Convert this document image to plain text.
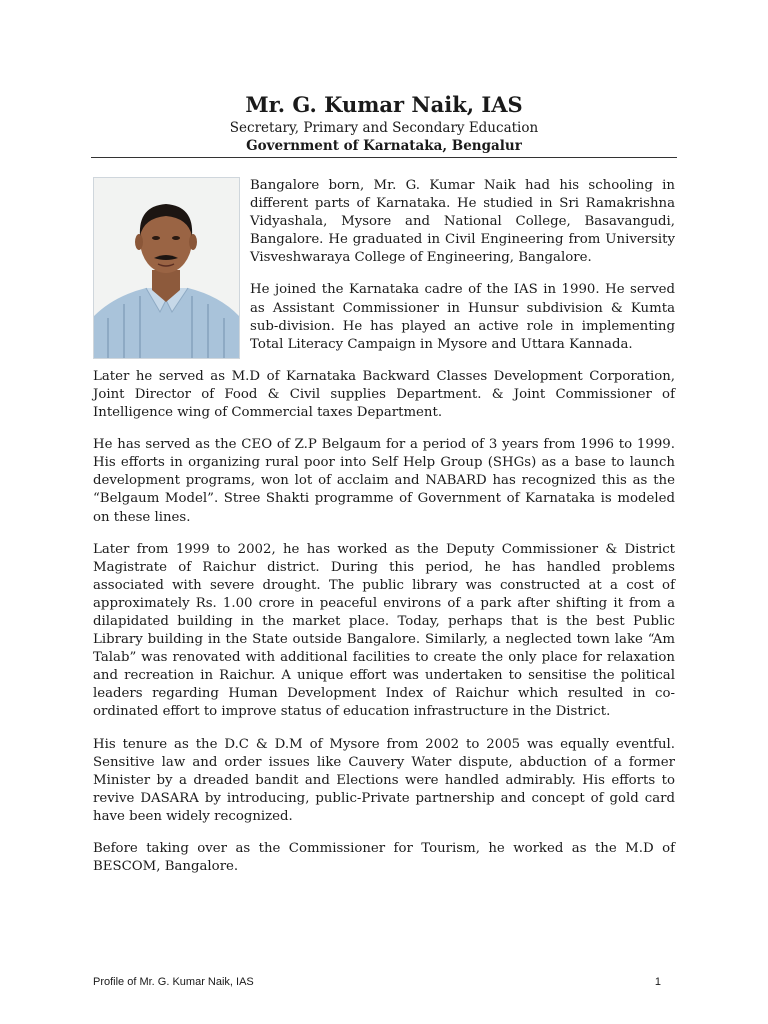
Mr. G. Kumar Naik, IAS
Secretary, Primary and Secondary Education
Government of Karnataka, Bengalur

Bangalore born, Mr. G. Kumar Naik had his schooling in different parts of Karnataka. He studied in Sri Ramakrishna Vidyashala, Mysore and National College, Basavangudi, Bangalore. He graduated in Civil Engineering from University Visveshwaraya College of Engineering, Bangalore.

He joined the Karnataka cadre of the IAS in 1990. He served as Assistant Commissioner in Hunsur subdivision & Kumta sub-division. He has played an active role in implementing Total Literacy Campaign in Mysore and Uttara Kannada.

Later he served as M.D of Karnataka Backward Classes Development Corporation, Joint Director of Food & Civil supplies Department. & Joint Commissioner of Intelligence wing of Commercial taxes Department.

He has served as the CEO of Z.P Belgaum for a period of 3 years from 1996 to 1999. His efforts in organizing rural poor into Self Help Group (SHGs) as a base to launch development programs, won lot of acclaim and NABARD has recognized this as the “Belgaum Model”. Stree Shakti programme of Government of Karnataka is modeled on these lines.

Later from 1999 to 2002, he has worked as the Deputy Commissioner & District Magistrate of Raichur district. During this period, he has handled problems associated with severe drought. The public library was constructed at a cost of approximately Rs. 1.00 crore in peaceful environs of a park after shifting it from a dilapidated building in the market place. Today, perhaps that is the best Public Library building in the State outside Bangalore. Similarly, a neglected town lake “Am Talab” was renovated with additional facilities to create the only place for relaxation and recreation in Raichur. A unique effort was undertaken to sensitise the political leaders regarding Human Development Index of Raichur which resulted in co-ordinated effort to improve status of education infrastructure in the District.

His tenure as the D.C & D.M of Mysore from 2002 to 2005 was equally eventful. Sensitive law and order issues like Cauvery Water dispute, abduction of a former Minister by a dreaded bandit and Elections were handled admirably. His efforts to revive DASARA by introducing, public-Private partnership and concept of gold card have been widely recognized.

Before taking over as the Commissioner for Tourism, he worked as the M.D of BESCOM, Bangalore.

Profile of Mr. G. Kumar Naik, IAS	1
